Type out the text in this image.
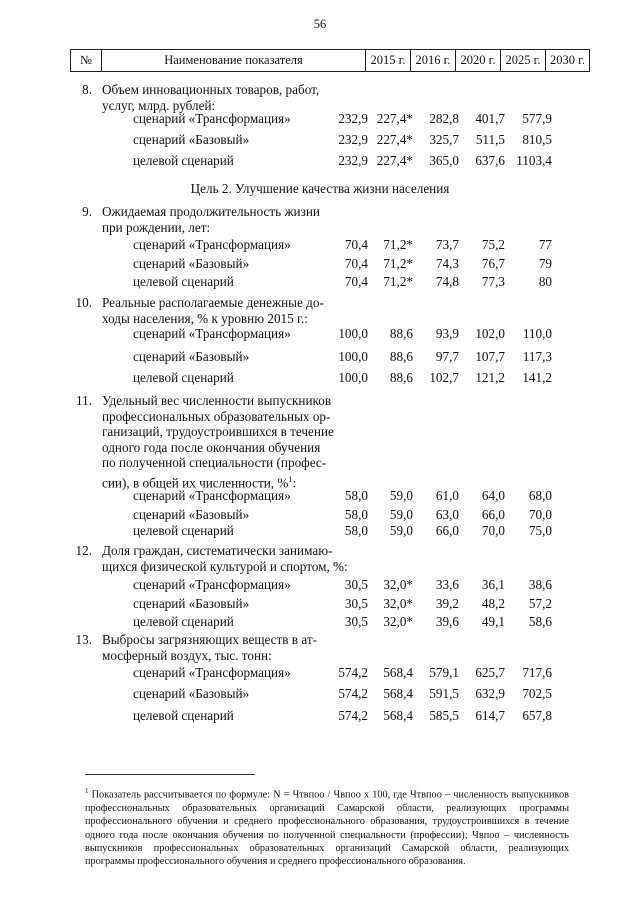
56
№	Наименование показателя	2015 г. 2016 г. 2020 г. 2025 г. 2030 г.
Цель 2. Улучшение качества жизни населения
8. Объем инновационных товаров, работ,
услуг, млрд. рублей:
сценарий «Трансформация»	232,9 227,4*	282,8	401,7	577,9
сценарий «Базовый»	232,9 227,4*	325,7	511,5	810,5
целевой сценарий	232,9 227,4*	365,0	637,6 1103,4
9. Ожидаемая продолжительность жизни
при рождении, лет:
сценарий «Трансформация»	70,4	71,2*	73,7	75,2	77
сценарий «Базовый»	70,4	71,2*	74,3	76,7	79
целевой сценарий	70,4	71,2*	74,8	77,3	80
10. Реальные располагаемые денежные до-
ходы населения, % к уровню 2015 г.:
сценарий «Трансформация»	100,0	88,6	93,9	102,0	110,0
сценарий «Базовый»	100,0	88,6	97,7	107,7	117,3
целевой сценарий	100,0	88,6	102,7	121,2	141,2
11. Удельный вес численности выпускников
профессиональных образовательных ор-
ганизаций, трудоустроившихся в течение
одного года после окончания обучения
по полученной специальности (профес-
сии), в общей их численности, %$^1$:
сценарий «Трансформация»	58,0	59,0	61,0	64,0	68,0
сценарий «Базовый»	58,0	59,0	63,0	66,0	70,0
целевой сценарий	58,0	59,0	66,0	70,0	75,0
12. Доля граждан, систематически занимаю-
щихся физической культурой и спортом, %:
сценарий «Трансформация»	30,5	32,0*	33,6	36,1	38,6
сценарий «Базовый»	30,5	32,0*	39,2	48,2	57,2
целевой сценарий	30,5	32,0*	39,6	49,1	58,6
13. Выбросы загрязняющих веществ в ат-
мосферный воздух, тыс. тонн:
сценарий «Трансформация»	574,2	568,4	579,1	625,7	717,6
сценарий «Базовый»	574,2	568,4	591,5	632,9	702,5
целевой сценарий	574,2	568,4	585,5	614,7	657,8
$^1$ Показатель рассчитывается по формуле: N = Чтвпоо / Чвпоо х 100, где Чтвпоо – численность выпускников профессиональных образовательных организаций Самарской области, реализующих программы профессионального обучения и среднего профессионального образования, трудоустроившихся в течение одного года после окончания обучения по полученной специальности (профессии); Чвпоо – численность выпускников профессиональных образовательных организаций Самарской области, реализующих программы профессионального обучения и среднего профессионального образования.
